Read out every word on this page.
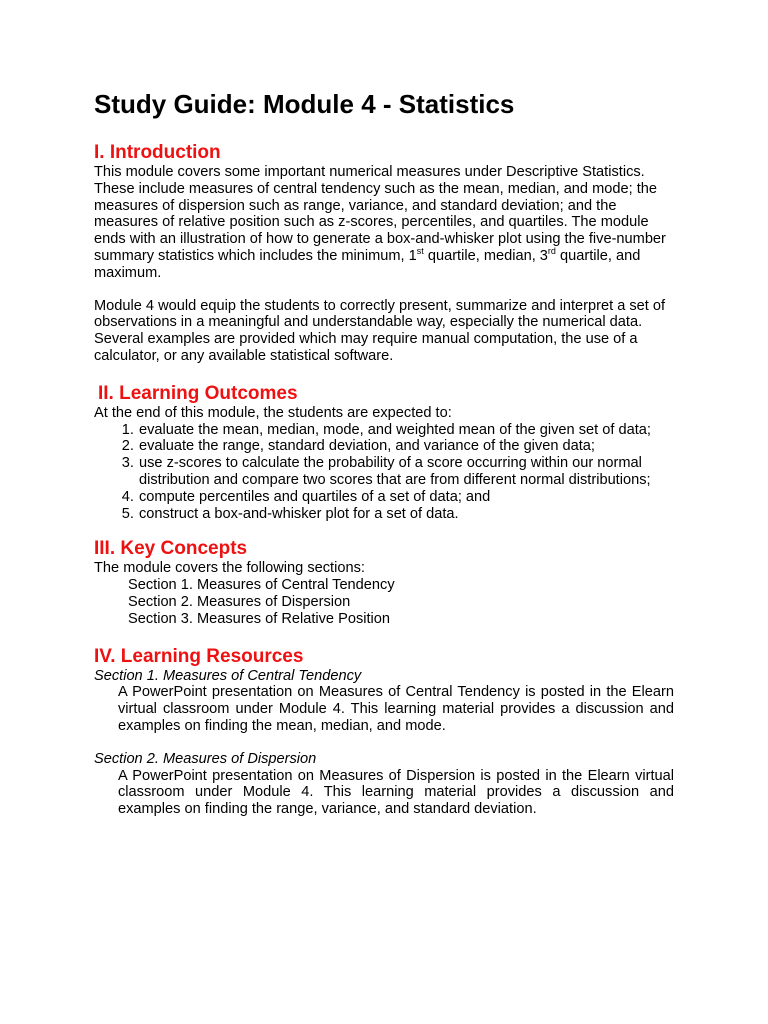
Study Guide: Module 4 - Statistics
I. Introduction

This module covers some important numerical measures under Descriptive Statistics. These include measures of central tendency such as the mean, median, and mode; the measures of dispersion such as range, variance, and standard deviation; and the measures of relative position such as z-scores, percentiles, and quartiles. The module ends with an illustration of how to generate a box-and-whisker plot using the five-number summary statistics which includes the minimum, 1st quartile, median, 3rd quartile, and maximum.

Module 4 would equip the students to correctly present, summarize and interpret a set of observations in a meaningful and understandable way, especially the numerical data. Several examples are provided which may require manual computation, the use of a calculator, or any available statistical software.

II. Learning Outcomes

At the end of this module, the students are expected to:

1. evaluate the mean, median, mode, and weighted mean of the given set of data;
2. evaluate the range, standard deviation, and variance of the given data;
3. use z-scores to calculate the probability of a score occurring within our normal distribution and compare two scores that are from different normal distributions;
4. compute percentiles and quartiles of a set of data; and
5. construct a box-and-whisker plot for a set of data.
III. Key Concepts

The module covers the following sections:

Section 1. Measures of Central Tendency
Section 2. Measures of Dispersion
Section 3. Measures of Relative Position
IV. Learning Resources
Section 1. Measures of Central Tendency

A PowerPoint presentation on Measures of Central Tendency is posted in the Elearn virtual classroom under Module 4. This learning material provides a discussion and examples on finding the mean, median, and mode.

Section 2. Measures of Dispersion

A PowerPoint presentation on Measures of Dispersion is posted in the Elearn virtual classroom under Module 4. This learning material provides a discussion and examples on finding the range, variance, and standard deviation.
